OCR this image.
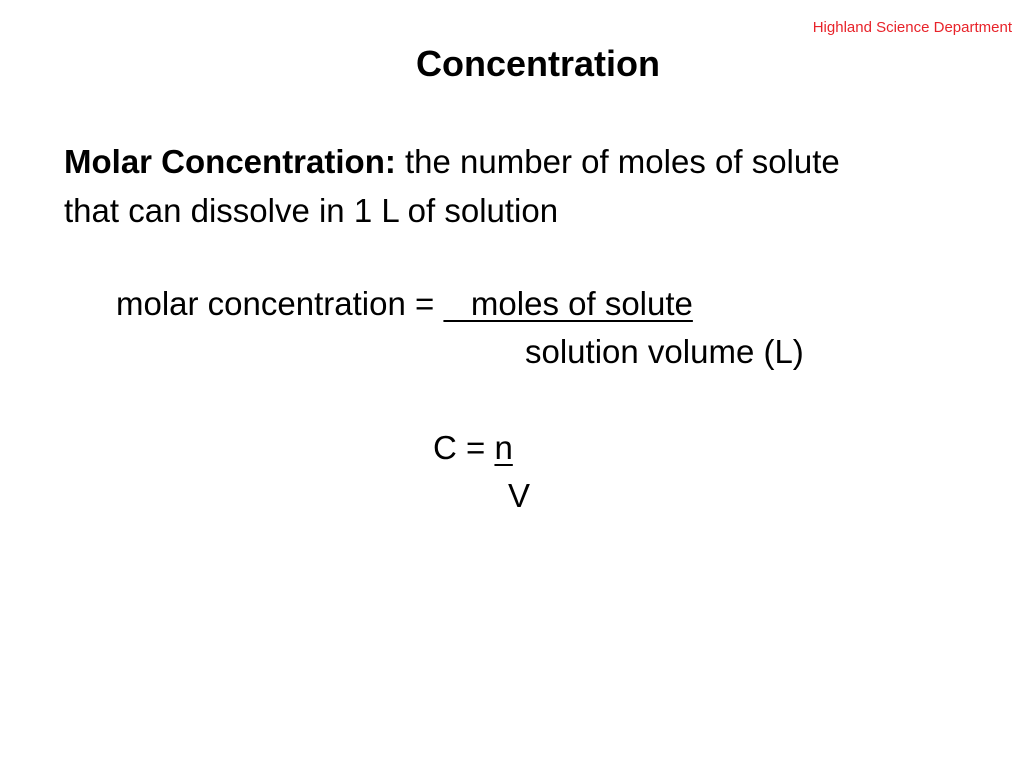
Highland Science Department
Concentration
Molar Concentration: the number of moles of solute
that can dissolve in 1 L of solution
molar concentration =    moles of solute
solution volume (L)
C = n
V
